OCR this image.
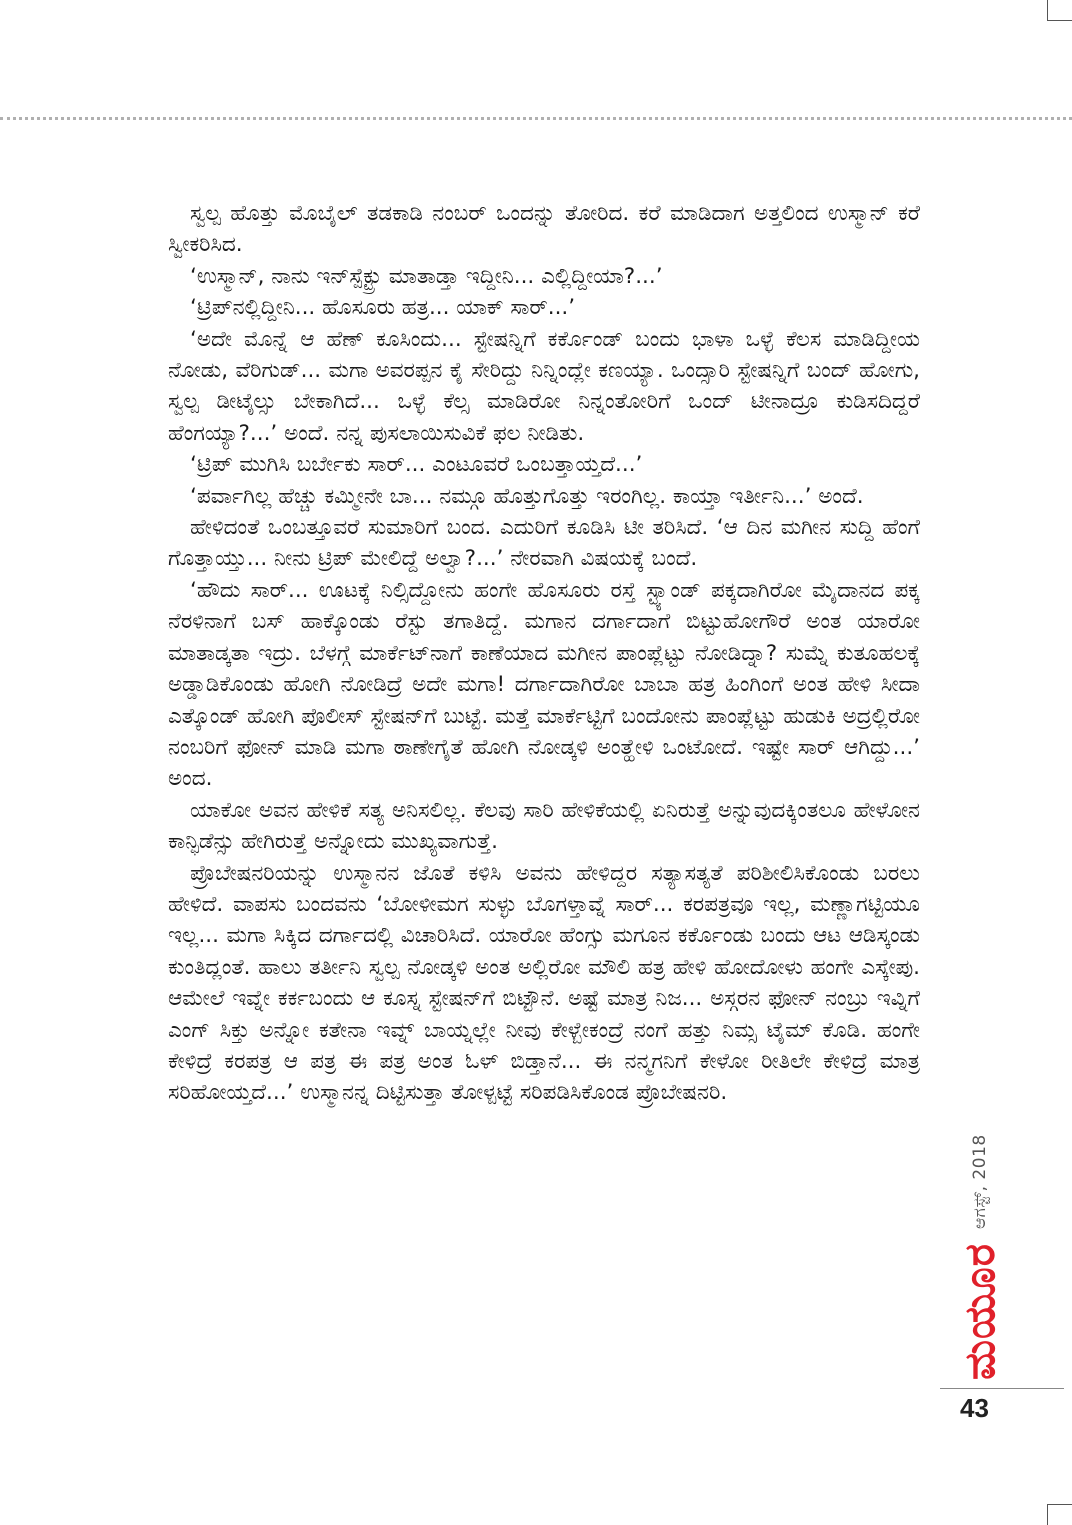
ಸ್ವಲ್ಪ ಹೊತ್ತು ಮೊಬೈಲ್ ತಡಕಾಡಿ ನಂಬರ್ ಒಂದನ್ನು ತೋರಿದ. ಕರೆ ಮಾಡಿದಾಗ ಅತ್ತಲಿಂದ ಉಸ್ಮಾನ್ ಕರೆ ಸ್ವೀಕರಿಸಿದ.

‘ಉಸ್ಮಾನ್, ನಾನು ಇನ್‌ಸ್ಪೆಕ್ಟ್ರು ಮಾತಾಡ್ತಾ ಇದ್ದೀನಿ... ಎಲ್ಲಿದ್ದೀಯಾ?...’

‘ಟ್ರಿಪ್‌ನಲ್ಲಿದ್ದೀನಿ... ಹೊಸೂರು ಹತ್ರ... ಯಾಕ್ ಸಾರ್...’

‘ಅದೇ ಮೊನ್ನೆ ಆ ಹೆಣ್ ಕೂಸಿಂದು... ಸ್ಟೇಷನ್ನಿಗೆ ಕರ್ಕೊಂಡ್ ಬಂದು ಭಾಳಾ ಒಳ್ಳೆ ಕೆಲಸ ಮಾಡಿದ್ದೀಯ ನೋಡು, ವೆರಿಗುಡ್... ಮಗಾ ಅವರಪ್ಪನ ಕೈ ಸೇರಿದ್ದು ನಿನ್ನಿಂದ್ಲೇ ಕಣಯ್ಯಾ. ಒಂದ್ಸಾರಿ ಸ್ಟೇಷನ್ನಿಗೆ ಬಂದ್ ಹೋಗು, ಸ್ವಲ್ಪ ಡೀಟೈಲ್ಸು ಬೇಕಾಗಿದೆ... ಒಳ್ಳೆ ಕೆಲ್ಸ ಮಾಡಿರೋ ನಿನ್ನಂತೋರಿಗೆ ಒಂದ್ ಟೀನಾದ್ರೂ ಕುಡಿಸದಿದ್ದರೆ ಹೆಂಗಯ್ಯಾ?...’ ಅಂದೆ. ನನ್ನ ಪುಸಲಾಯಿಸುವಿಕೆ ಫಲ ನೀಡಿತು.

‘ಟ್ರಿಪ್ ಮುಗಿಸಿ ಬರ್ಬೇಕು ಸಾರ್... ಎಂಟೂವರೆ ಒಂಬತ್ತಾಯ್ತದೆ...’

‘ಪರ್ವಾಗಿಲ್ಲ ಹೆಚ್ಚು ಕಮ್ಮೀನೇ ಬಾ... ನಮ್ಗೂ ಹೊತ್ತುಗೊತ್ತು ಇರಂಗಿಲ್ಲ. ಕಾಯ್ತಾ ಇರ್ತೀನಿ...’ ಅಂದೆ.

ಹೇಳಿದಂತೆ ಒಂಬತ್ತೂವರೆ ಸುಮಾರಿಗೆ ಬಂದ. ಎದುರಿಗೆ ಕೂಡಿಸಿ ಟೀ ತರಿಸಿದೆ. ‘ಆ ದಿನ ಮಗೀನ ಸುದ್ದಿ ಹೆಂಗೆ ಗೊತ್ತಾಯ್ತು... ನೀನು ಟ್ರಿಪ್ ಮೇಲಿದ್ದೆ ಅಲ್ವಾ?...’ ನೇರವಾಗಿ ವಿಷಯಕ್ಕೆ ಬಂದೆ.

‘ಹೌದು ಸಾರ್... ಊಟಕ್ಕೆ ನಿಲ್ಸಿದ್ದೋನು ಹಂಗೇ ಹೊಸೂರು ರಸ್ತೆ ಸ್ಟ್ಯಾಂಡ್ ಪಕ್ಕದಾಗಿರೋ ಮೈದಾನದ ಪಕ್ಕ ನೆರಳಿನಾಗೆ ಬಸ್ ಹಾಕ್ಕೊಂಡು ರೆಸ್ಟು ತಗಾತಿದ್ದೆ. ಮಗಾನ ದರ್ಗಾದಾಗೆ ಬಿಟ್ಟುಹೋಗೌರೆ ಅಂತ ಯಾರೋ ಮಾತಾಡ್ಕತಾ ಇದ್ರು. ಬೆಳಗ್ಗೆ ಮಾರ್ಕೆಟ್‌ನಾಗೆ ಕಾಣೆಯಾದ ಮಗೀನ ಪಾಂಪ್ಲೆಟ್ಟು ನೋಡಿದ್ನಾ? ಸುಮ್ನೆ ಕುತೂಹಲಕ್ಕೆ ಅಡ್ಡಾಡಿಕೊಂಡು ಹೋಗಿ ನೋಡಿದ್ರೆ ಅದೇ ಮಗಾ! ದರ್ಗಾದಾಗಿರೋ ಬಾಬಾ ಹತ್ರ ಹಿಂಗಿಂಗೆ ಅಂತ ಹೇಳಿ ಸೀದಾ ಎತ್ಕೊಂಡ್ ಹೋಗಿ ಪೊಲೀಸ್ ಸ್ಟೇಷನ್‌ಗೆ ಬುಟ್ಟೆ. ಮತ್ತೆ ಮಾರ್ಕೆಟ್ಟಿಗೆ ಬಂದೋನು ಪಾಂಪ್ಲೆಟ್ಟು ಹುಡುಕಿ ಅದ್ರಲ್ಲಿರೋ ನಂಬರಿಗೆ ಫೋನ್ ಮಾಡಿ ಮಗಾ ಠಾಣೇಗೈತೆ ಹೋಗಿ ನೋಡ್ಕಳಿ ಅಂತ್ಹೇಳಿ ಒಂಟೋದೆ. ಇಷ್ಟೇ ಸಾರ್ ಆಗಿದ್ದು...’ ಅಂದ.

ಯಾಕೋ ಅವನ ಹೇಳಿಕೆ ಸತ್ಯ ಅನಿಸಲಿಲ್ಲ. ಕೆಲವು ಸಾರಿ ಹೇಳಿಕೆಯಲ್ಲಿ ಏನಿರುತ್ತೆ ಅನ್ನುವುದಕ್ಕಿಂತಲೂ ಹೇಳೋನ ಕಾನ್ಫಿಡೆನ್ಸು ಹೇಗಿರುತ್ತೆ ಅನ್ನೋದು ಮುಖ್ಯವಾಗುತ್ತೆ.

ಪ್ರೊಬೇಷನರಿಯನ್ನು ಉಸ್ಮಾನನ ಜೊತೆ ಕಳಿಸಿ ಅವನು ಹೇಳಿದ್ದರ ಸತ್ಯಾಸತ್ಯತೆ ಪರಿಶೀಲಿಸಿಕೊಂಡು ಬರಲು ಹೇಳಿದೆ. ವಾಪಸು ಬಂದವನು ‘ಬೋಳೀಮಗ ಸುಳ್ಳು ಬೊಗಳ್ತಾವ್ನೆ ಸಾರ್... ಕರಪತ್ರವೂ ಇಲ್ಲ, ಮಣ್ಣಾಗಟ್ಟಿಯೂ ಇಲ್ಲ... ಮಗಾ ಸಿಕ್ಕಿದ ದರ್ಗಾದಲ್ಲಿ ವಿಚಾರಿಸಿದೆ. ಯಾರೋ ಹೆಂಗ್ಸು ಮಗೂನ ಕರ್ಕೊಂಡು ಬಂದು ಆಟ ಆಡಿಸ್ಕಂಡು ಕುಂತಿದ್ಲಂತೆ. ಹಾಲು ತರ್ತೀನಿ ಸ್ವಲ್ಪ ನೋಡ್ಕಳಿ ಅಂತ ಅಲ್ಲಿರೋ ಮೌಲಿ ಹತ್ರ ಹೇಳಿ ಹೋದೋಳು ಹಂಗೇ ಎಸ್ಕೇಪು. ಆಮೇಲೆ ಇವ್ನೇ ಕರ್ಕಬಂದು ಆ ಕೂಸ್ನ ಸ್ಟೇಷನ್‌ಗೆ ಬಿಟ್ಟೌನೆ. ಅಷ್ಟೆ ಮಾತ್ರ ನಿಜ... ಅಸ್ಗರನ ಫೋನ್ ನಂಬ್ರು ಇವ್ನಿಗೆ ಎಂಗ್ ಸಿಕ್ತು ಅನ್ನೋ ಕತೇನಾ ಇವ್ನ್ ಬಾಯ್ನಲ್ಲೇ ನೀವು ಕೇಳ್ಬೇಕಂದ್ರೆ ನಂಗೆ ಹತ್ತು ನಿಮ್ಸ ಟೈಮ್ ಕೊಡಿ. ಹಂಗೇ ಕೇಳಿದ್ರೆ ಕರಪತ್ರ ಆ ಪತ್ರ ಈ ಪತ್ರ ಅಂತ ಓಳ್ ಬಿಡ್ತಾನೆ... ಈ ನನ್ಮಗನಿಗೆ ಕೇಳೋ ರೀತಿಲೇ ಕೇಳಿದ್ರೆ ಮಾತ್ರ ಸರಿಹೋಯ್ತದೆ...’ ಉಸ್ಮಾನನ್ನ ದಿಟ್ಟಿಸುತ್ತಾ ತೋಳ್ಪಟ್ಟೆ ಸರಿಪಡಿಸಿಕೊಂಡ ಪ್ರೊಬೇಷನರಿ.

ಮಯೂರ
ಆಗಸ್ಟ್, 2018
43
